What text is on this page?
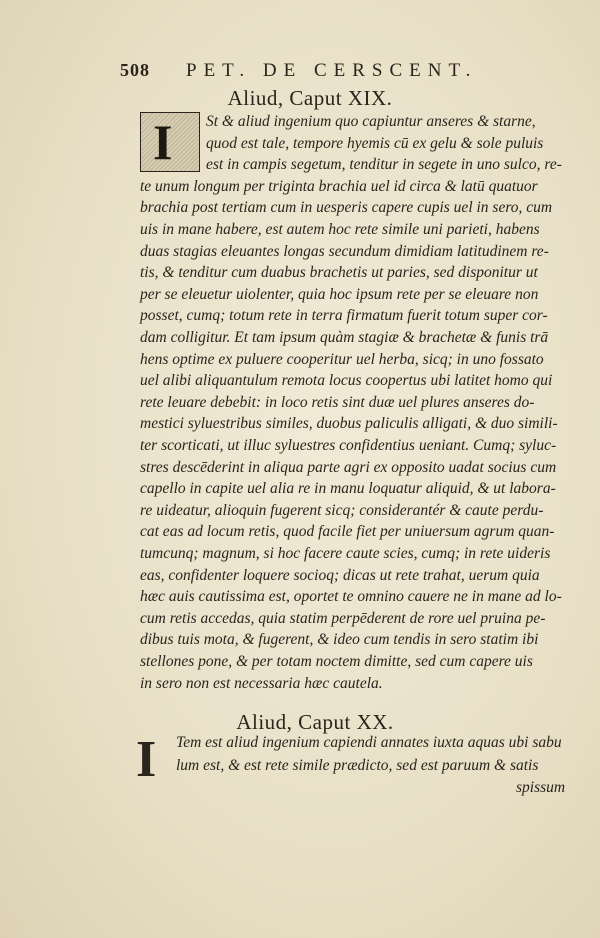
508 PET. DE CERSCENT.
Aliud, Caput XIX.
I St & aliud ingenium quo capiuntur anseres & starne,
quod est tale, tempore hyemis cū ex gelu & sole puluis
est in campis segetum, tenditur in segete in uno sulco, re-
te unum longum per triginta brachia uel id circa & latū quatuor
brachia post tertiam cum in uesperis capere cupis uel in sero, cum
uis in mane habere, est autem hoc rete simile uni parieti, habens
duas stagias eleuantes longas secundum dimidiam latitudinem re-
tis, & tenditur cum duabus brachetis ut paries, sed disponitur ut
per se eleuetur uiolenter, quia hoc ipsum rete per se eleuare non
posset, cumq; totum rete in terra firmatum fuerit totum super cor-
dam colligitur. Et tam ipsum quàm stagiæ & brachetæ & funis trā
hens optime ex puluere cooperitur uel herba, sicq; in uno fossato
uel alibi aliquantulum remota locus coopertus ubi latitet homo qui
rete leuare debebit: in loco retis sint duæ uel plures anseres do-
mestici syluestribus similes, duobus paliculis alligati, & duo simili-
ter scorticati, ut illuc syluestres confidentius ueniant. Cumq; syluc-
stres descēderint in aliqua parte agri ex opposito uadat socius cum
capello in capite uel alia re in manu loquatur aliquid, & ut labora-
re uideatur, alioquin fugerent sicq; considerantér & caute perdu-
cat eas ad locum retis, quod facile fiet per uniuersum agrum quan-
tumcunq; magnum, si hoc facere caute scies, cumq; in rete uideris
eas, confidenter loquere socioq; dicas ut rete trahat, uerum quia
hæc auis cautissima est, oportet te omnino cauere ne in mane ad lo-
cum retis accedas, quia statim perpēderent de rore uel pruina pe-
dibus tuis mota, & fugerent, & ideo cum tendis in sero statim ibi
stellones pone, & per totam noctem dimitte, sed cum capere uis
in sero non est necessaria hæc cautela.
Aliud, Caput XX.
I Tem est aliud ingenium capiendi annates iuxta aquas ubi sabu
lum est, & est rete simile prædicto, sed est paruum & satis
spissum
